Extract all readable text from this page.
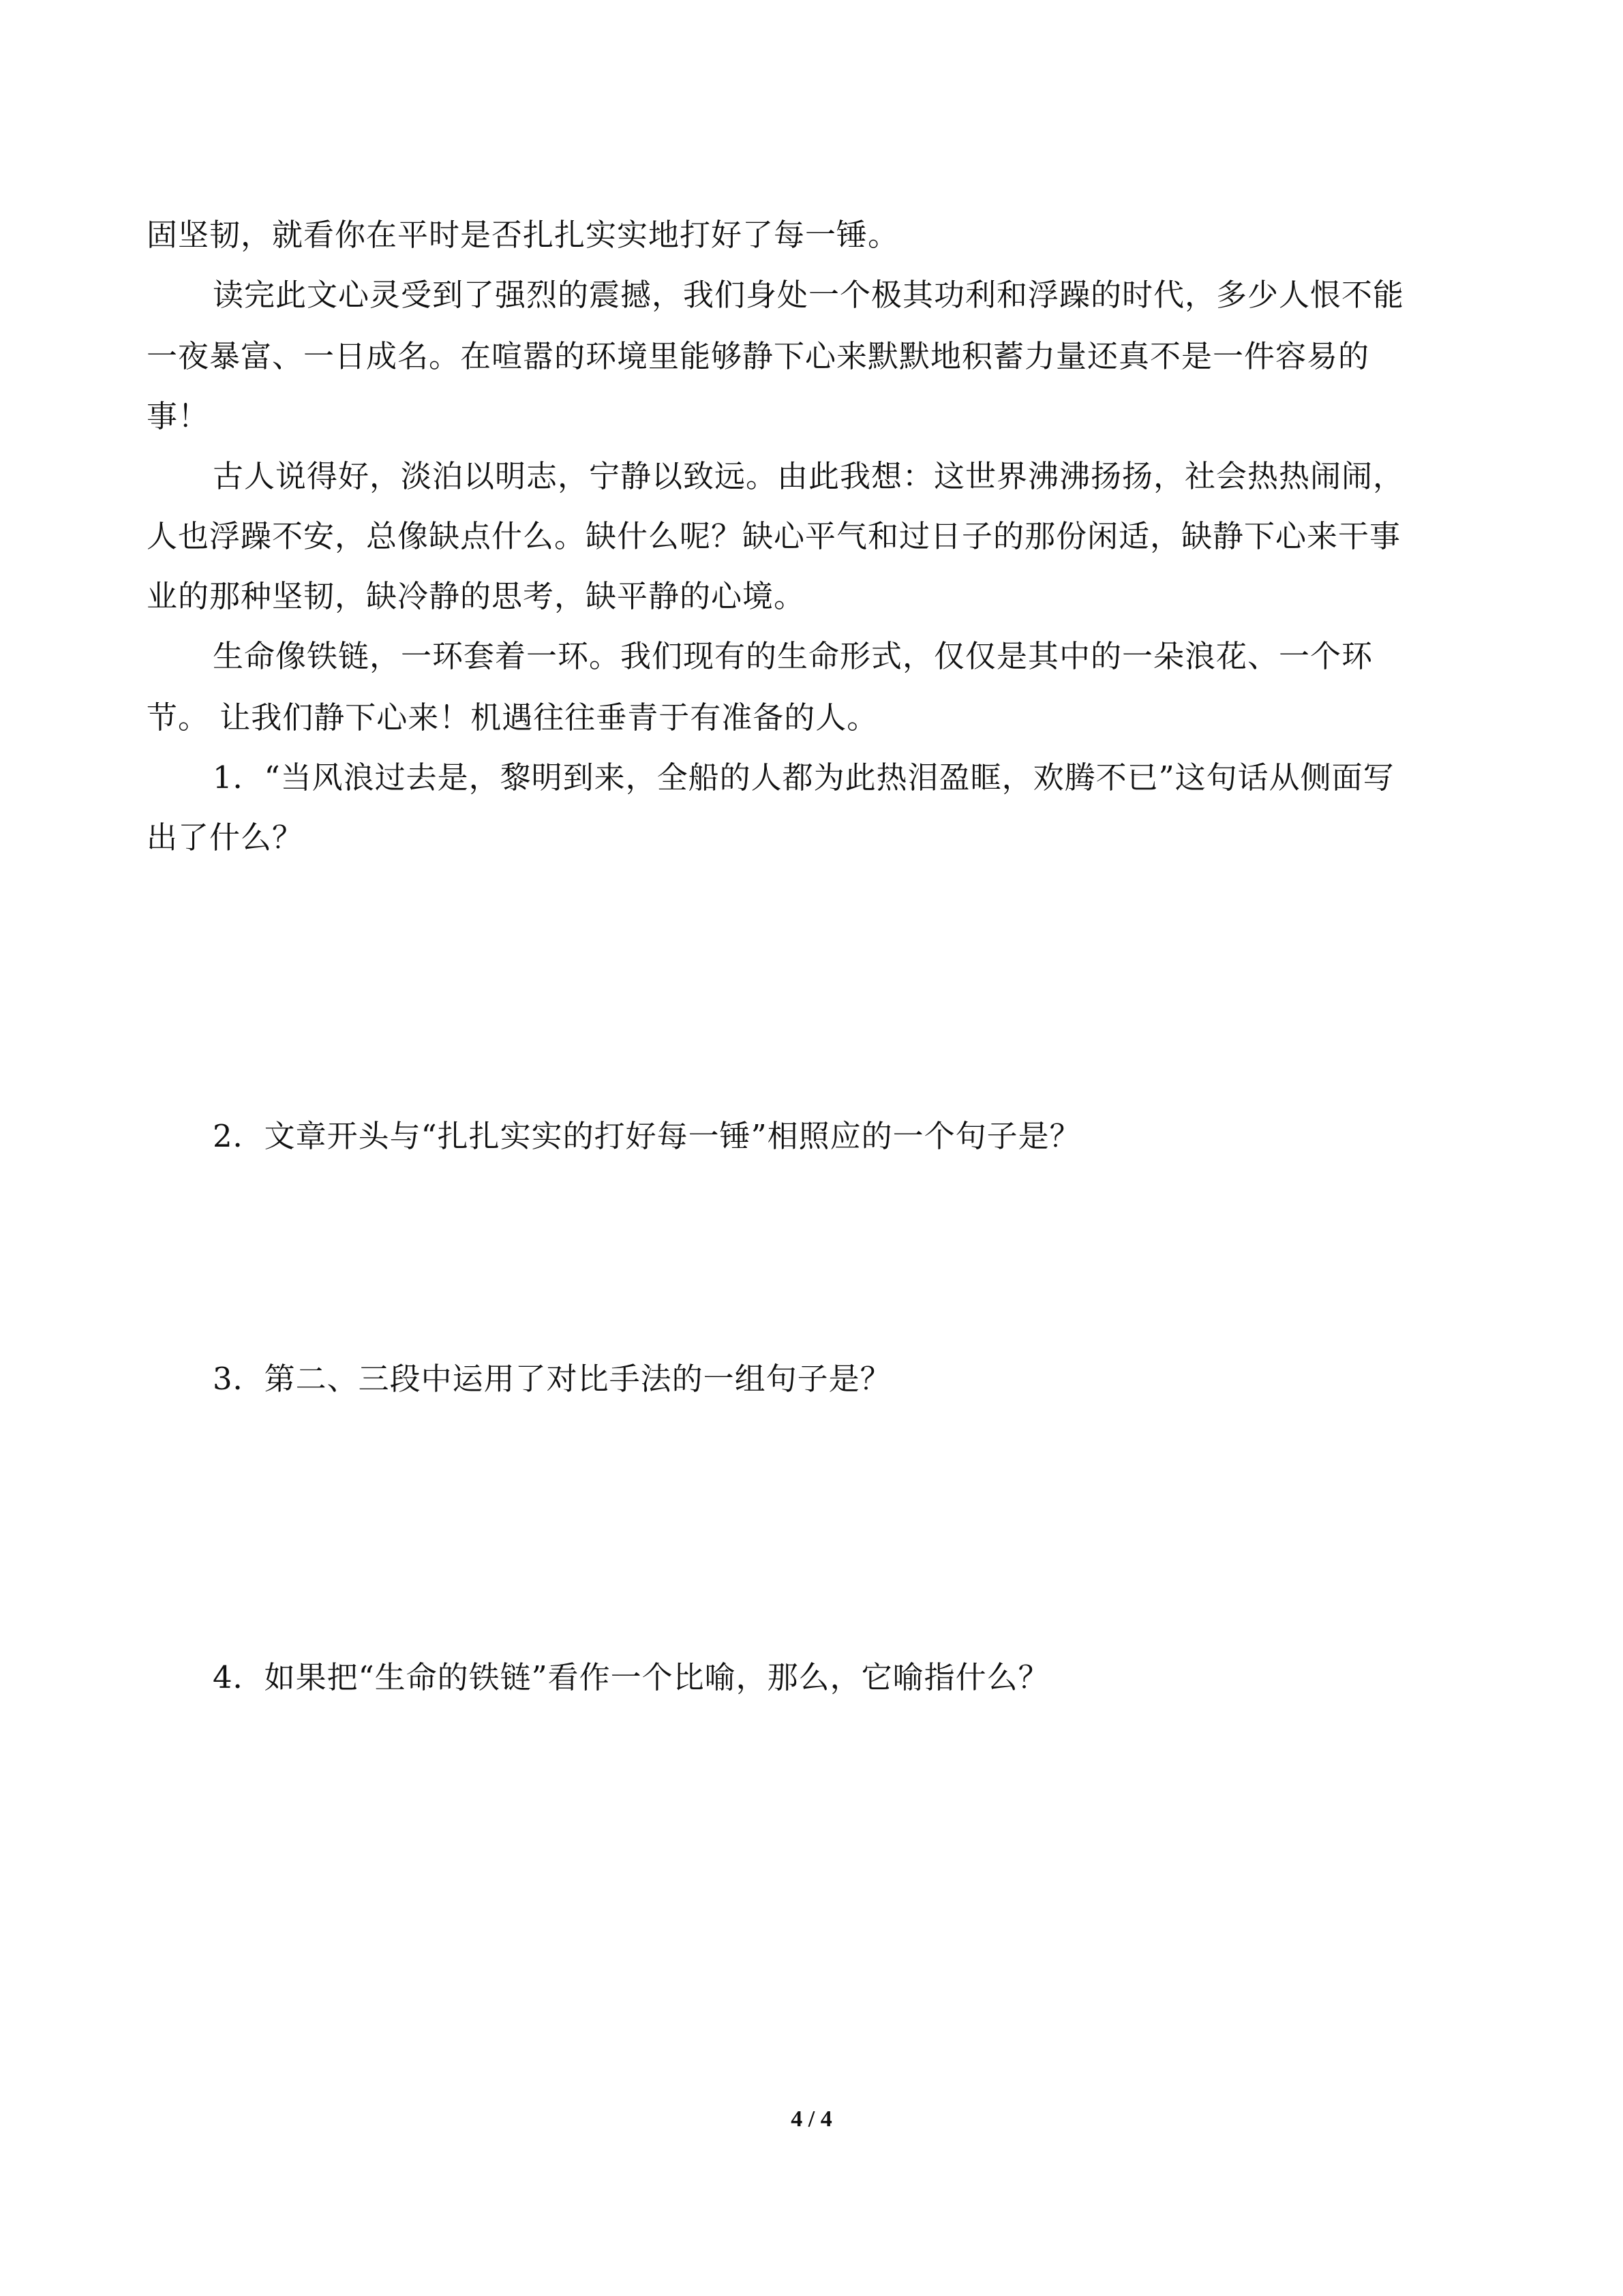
固坚韧，就看你在平时是否扎扎实实地打好了每一锤。
读完此文心灵受到了强烈的震撼，我们身处一个极其功利和浮躁的时代，多少人恨不能
一夜暴富、一日成名。在喧嚣的环境里能够静下心来默默地积蓄力量还真不是一件容易的
事！
古人说得好，淡泊以明志，宁静以致远。由此我想：这世界沸沸扬扬，社会热热闹闹，
人也浮躁不安，总像缺点什么。缺什么呢？缺心平气和过日子的那份闲适，缺静下心来干事
业的那种坚韧，缺冷静的思考，缺平静的心境。
生命像铁链，一环套着一环。我们现有的生命形式，仅仅是其中的一朵浪花、一个环
节。 让我们静下心来！机遇往往垂青于有准备的人。
1．“当风浪过去是，黎明到来，全船的人都为此热泪盈眶，欢腾不已”这句话从侧面写
出了什么？
2．文章开头与“扎扎实实的打好每一锤”相照应的一个句子是？
3．第二、三段中运用了对比手法的一组句子是？
4．如果把“生命的铁链”看作一个比喻，那么，它喻指什么？
4 / 4
